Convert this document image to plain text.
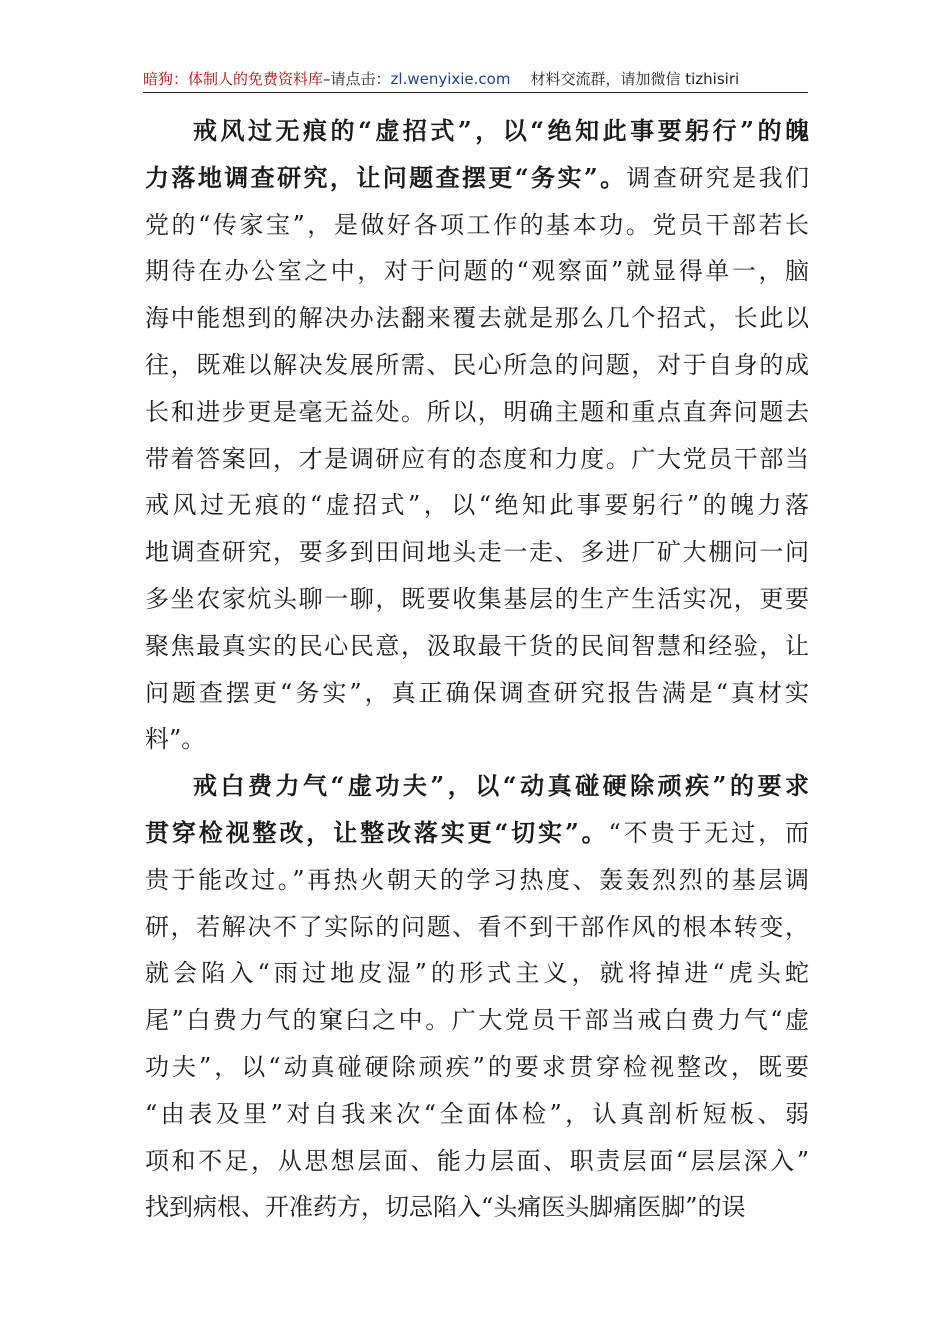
暗狗：体制人的免费资料库–请点击：zl.wenyixie.com 材料交流群，请加微信 tizhisiri
戒风过无痕的“虚招式”，以“绝知此事要躬行”的魄
力落地调查研究，让问题查摆更“务实”。调查研究是我们
党的“传家宝”，是做好各项工作的基本功。党员干部若长
期待在办公室之中，对于问题的“观察面”就显得单一，脑
海中能想到的解决办法翻来覆去就是那么几个招式，长此以
往，既难以解决发展所需、民心所急的问题，对于自身的成
长和进步更是毫无益处。所以，明确主题和重点直奔问题去
带着答案回，才是调研应有的态度和力度。广大党员干部当
戒风过无痕的“虚招式”，以“绝知此事要躬行”的魄力落
地调查研究，要多到田间地头走一走、多进厂矿大棚问一问
多坐农家炕头聊一聊，既要收集基层的生产生活实况，更要
聚焦最真实的民心民意，汲取最干货的民间智慧和经验，让
问题查摆更“务实”，真正确保调查研究报告满是“真材实
料”。
戒白费力气“虚功夫”，以“动真碰硬除顽疾”的要求
贯穿检视整改，让整改落实更“切实”。“不贵于无过，而
贵于能改过。”再热火朝天的学习热度、轰轰烈烈的基层调
研，若解决不了实际的问题、看不到干部作风的根本转变，
就会陷入“雨过地皮湿”的形式主义，就将掉进“虎头蛇
尾”白费力气的窠臼之中。广大党员干部当戒白费力气“虚
功夫”，以“动真碰硬除顽疾”的要求贯穿检视整改，既要
“由表及里”对自我来次“全面体检”，认真剖析短板、弱
项和不足，从思想层面、能力层面、职责层面“层层深入”
找到病根、开准药方，切忌陷入“头痛医头脚痛医脚”的误
